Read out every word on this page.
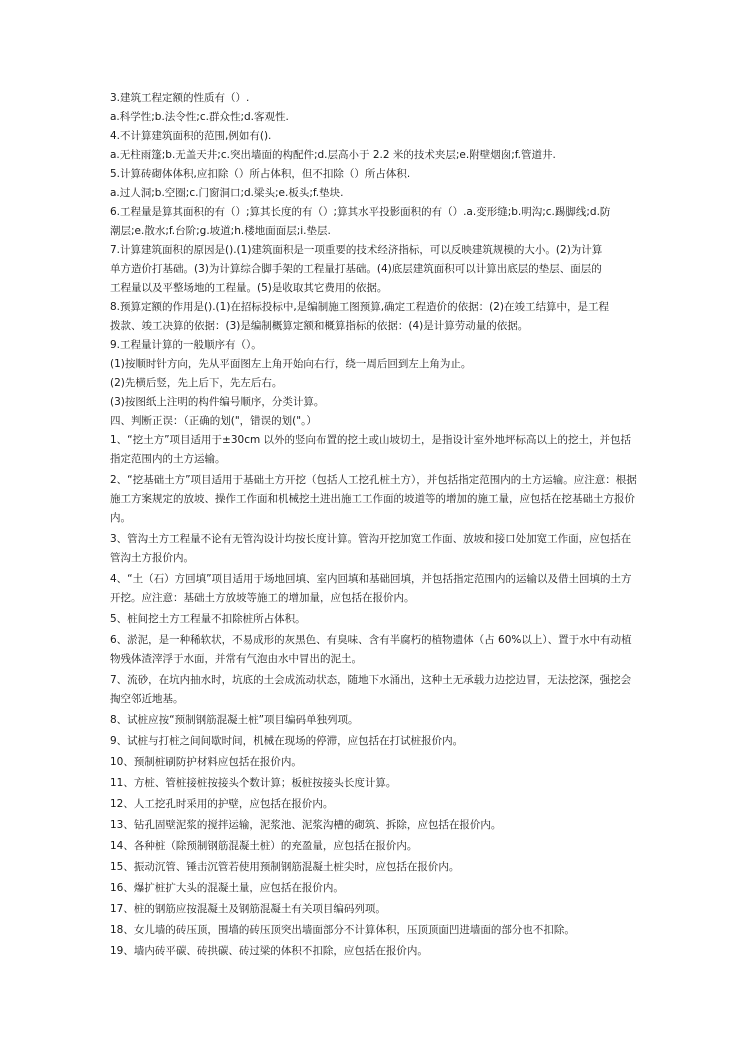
3.建筑工程定额的性质有（）.
a.科学性;b.法令性;c.群众性;d.客观性.
4.不计算建筑面积的范围,例如有().
a.无柱雨篷;b.无盖天井;c.突出墙面的构配件;d.层高小于 2.2 米的技术夹层;e.附壁烟囱;f.管道井.
5.计算砖砌体体积,应扣除（）所占体积，但不扣除（）所占体积.
a.过人洞;b.空圈;c.门窗洞口;d.梁头;e.板头;f.垫块.
6.工程量是算其面积的有（）;算其长度的有（）;算其水平投影面积的有（）.a.变形缝;b.明沟;c.踢脚线;d.防
潮层;e.散水;f.台阶;g.坡道;h.楼地面面层;i.垫层.
7.计算建筑面积的原因是().(1)建筑面积是一项重要的技术经济指标，可以反映建筑规模的大小。(2)为计算
单方造价打基础。(3)为计算综合脚手架的工程量打基础。(4)底层建筑面积可以计算出底层的垫层、面层的
工程量以及平整场地的工程量。(5)是收取其它费用的依据。
8.预算定额的作用是().(1)在招标投标中,是编制施工图预算,确定工程造价的依据：(2)在竣工结算中，是工程
拨款、竣工决算的依据：(3)是编制概算定额和概算指标的依据：(4)是计算劳动量的依据。
9.工程量计算的一般顺序有（）。
(1)按顺时针方向，先从平面图左上角开始向右行，绕一周后回到左上角为止。
(2)先横后竖，先上后下，先左后右。
(3)按图纸上注明的构件编号顺序，分类计算。
四、判断正误：（正确的划("，错误的划("。）
1、“挖土方”项目适用于±30cm 以外的竖向布置的挖土或山坡切土，是指设计室外地坪标高以上的挖土，并包括指定范围内的土方运输。
2、“挖基础土方”项目适用于基础土方开挖（包括人工挖孔桩土方），并包括指定范围内的土方运输。应注意：根据施工方案规定的放坡、操作工作面和机械挖土进出施工工作面的坡道等的增加的施工量，应包括在挖基础土方报价内。
3、管沟土方工程量不论有无管沟设计均按长度计算。管沟开挖加宽工作面、放坡和接口处加宽工作面，应包括在管沟土方报价内。
4、“土（石）方回填”项目适用于场地回填、室内回填和基础回填，并包括指定范围内的运输以及借土回填的土方开挖。应注意：基础土方放坡等施工的增加量，应包括在报价内。
5、桩间挖土方工程量不扣除桩所占体积。
6、淤泥，是一种稀软状，不易成形的灰黑色、有臭味、含有半腐朽的植物遗体（占 60%以上）、置于水中有动植物残体渣滓浮于水面，并常有气泡由水中冒出的泥土。
7、流砂，在坑内抽水时，坑底的土会成流动状态，随地下水涌出，这种土无承载力边挖边冒，无法挖深，强挖会掏空邻近地基。
8、试桩应按“预制钢筋混凝土桩”项目编码单独列项。
9、试桩与打桩之间间歇时间，机械在现场的停滞，应包括在打试桩报价内。
10、预制桩刷防护材料应包括在报价内。
11、方桩、管桩接桩按接头个数计算；板桩按接头长度计算。
12、人工挖孔时采用的护壁，应包括在报价内。
13、钻孔固壁泥浆的搅拌运输，泥浆池、泥浆沟槽的砌筑、拆除，应包括在报价内。
14、各种桩（除预制钢筋混凝土桩）的充盈量，应包括在报价内。
15、振动沉管、锤击沉管若使用预制钢筋混凝土桩尖时，应包括在报价内。
16、爆扩桩扩大头的混凝土量，应包括在报价内。
17、桩的钢筋应按混凝土及钢筋混凝土有关项目编码列项。
18、女儿墙的砖压顶，围墙的砖压顶突出墙面部分不计算体积，压顶顶面凹进墙面的部分也不扣除。
19、墙内砖平碳、砖拱碳、砖过梁的体积不扣除，应包括在报价内。
